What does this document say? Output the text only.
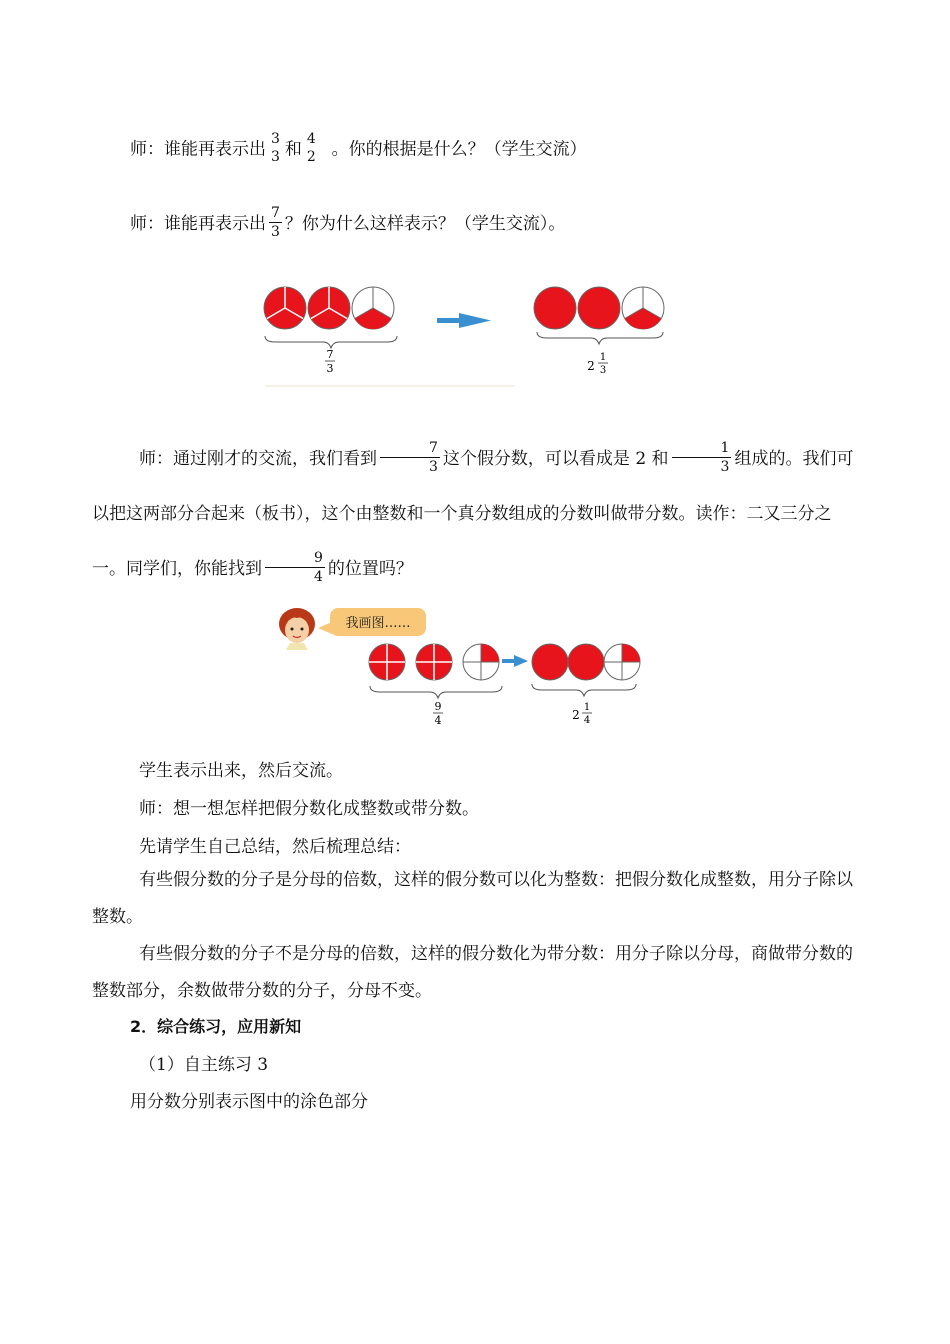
师：谁能再表示出
3
3 和
4
2 。你的根据是什么？（学生交流）
师：谁能再表示出 $\frac{7}{3}$ ？你为什么这样表示？（学生交流）。
7
3	2
1
3
师：通过刚才的交流，我们看到 $\frac{7}{3}$ 这个假分数，可以看成是 2 和 $\frac{1}{3}$ 组成的。我们可以把这两部分合起来（板书），这个由整数和一个真分数组成的分数叫做带分数。读作：二又三分之一。同学们，你能找到 $\frac{9}{4}$ 的位置吗？
我画图……
9
4	2
1
4
学生表示出来，然后交流。
师：想一想怎样把假分数化成整数或带分数。
先请学生自己总结，然后梳理总结：
有些假分数的分子是分母的倍数，这样的假分数可以化为整数：把假分数化成整数，用分子除以整数。
有些假分数的分子不是分母的倍数，这样的假分数化为带分数：用分子除以分母，商做带分数的整数部分，余数做带分数的分子，分母不变。
2．综合练习，应用新知
（1）自主练习 3
用分数分别表示图中的涂色部分
